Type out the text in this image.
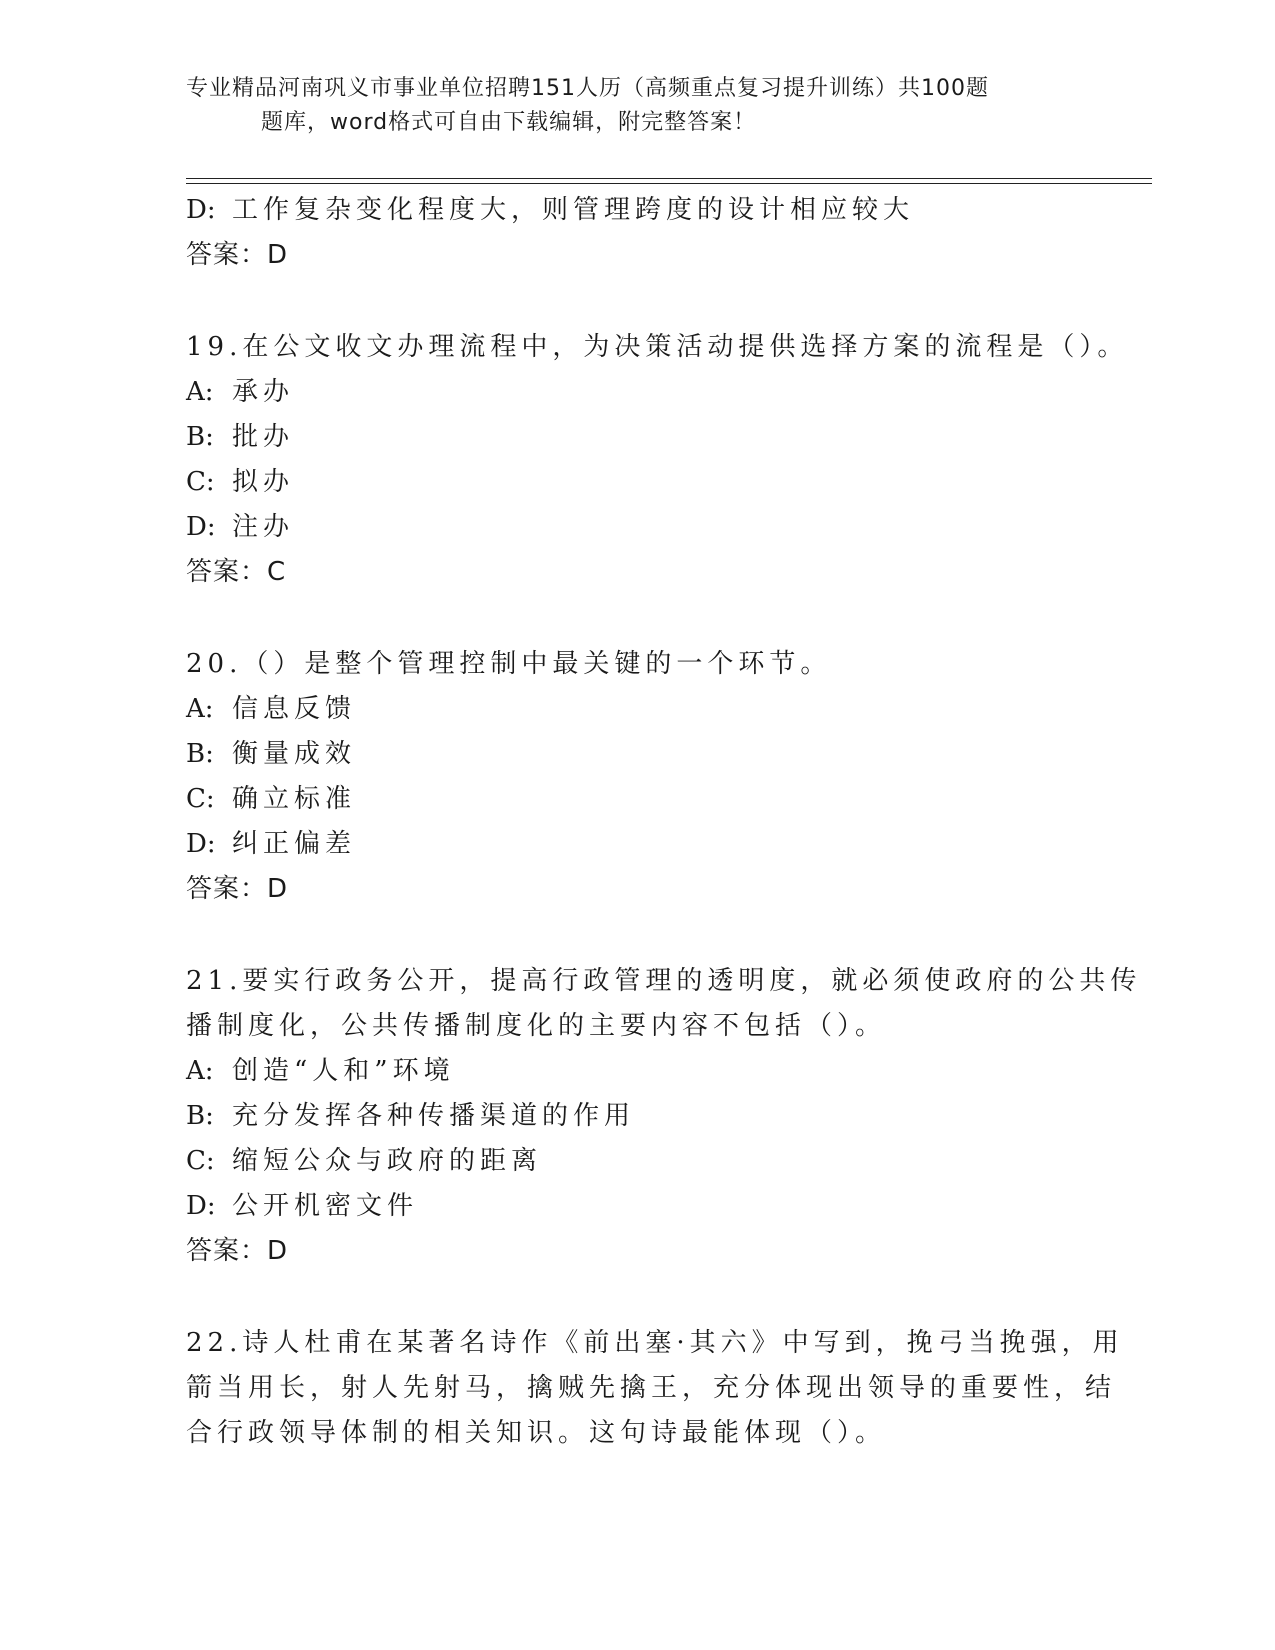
专业精品河南巩义市事业单位招聘151人历（高频重点复习提升训练）共100题
题库，word格式可自由下载编辑，附完整答案！
D: 工作复杂变化程度大，则管理跨度的设计相应较大
答案：D
19.在公文收文办理流程中，为决策活动提供选择方案的流程是（）。
A: 承办
B: 批办
C: 拟办
D: 注办
答案：C
20.（）是整个管理控制中最关键的一个环节。
A: 信息反馈
B: 衡量成效
C: 确立标准
D: 纠正偏差
答案：D
21.要实行政务公开，提高行政管理的透明度，就必须使政府的公共传
播制度化，公共传播制度化的主要内容不包括（）。
A: 创造“人和”环境
B: 充分发挥各种传播渠道的作用
C: 缩短公众与政府的距离
D: 公开机密文件
答案：D
22.诗人杜甫在某著名诗作《前出塞·其六》中写到，挽弓当挽强，用
箭当用长，射人先射马，擒贼先擒王，充分体现出领导的重要性，结
合行政领导体制的相关知识。这句诗最能体现（）。
